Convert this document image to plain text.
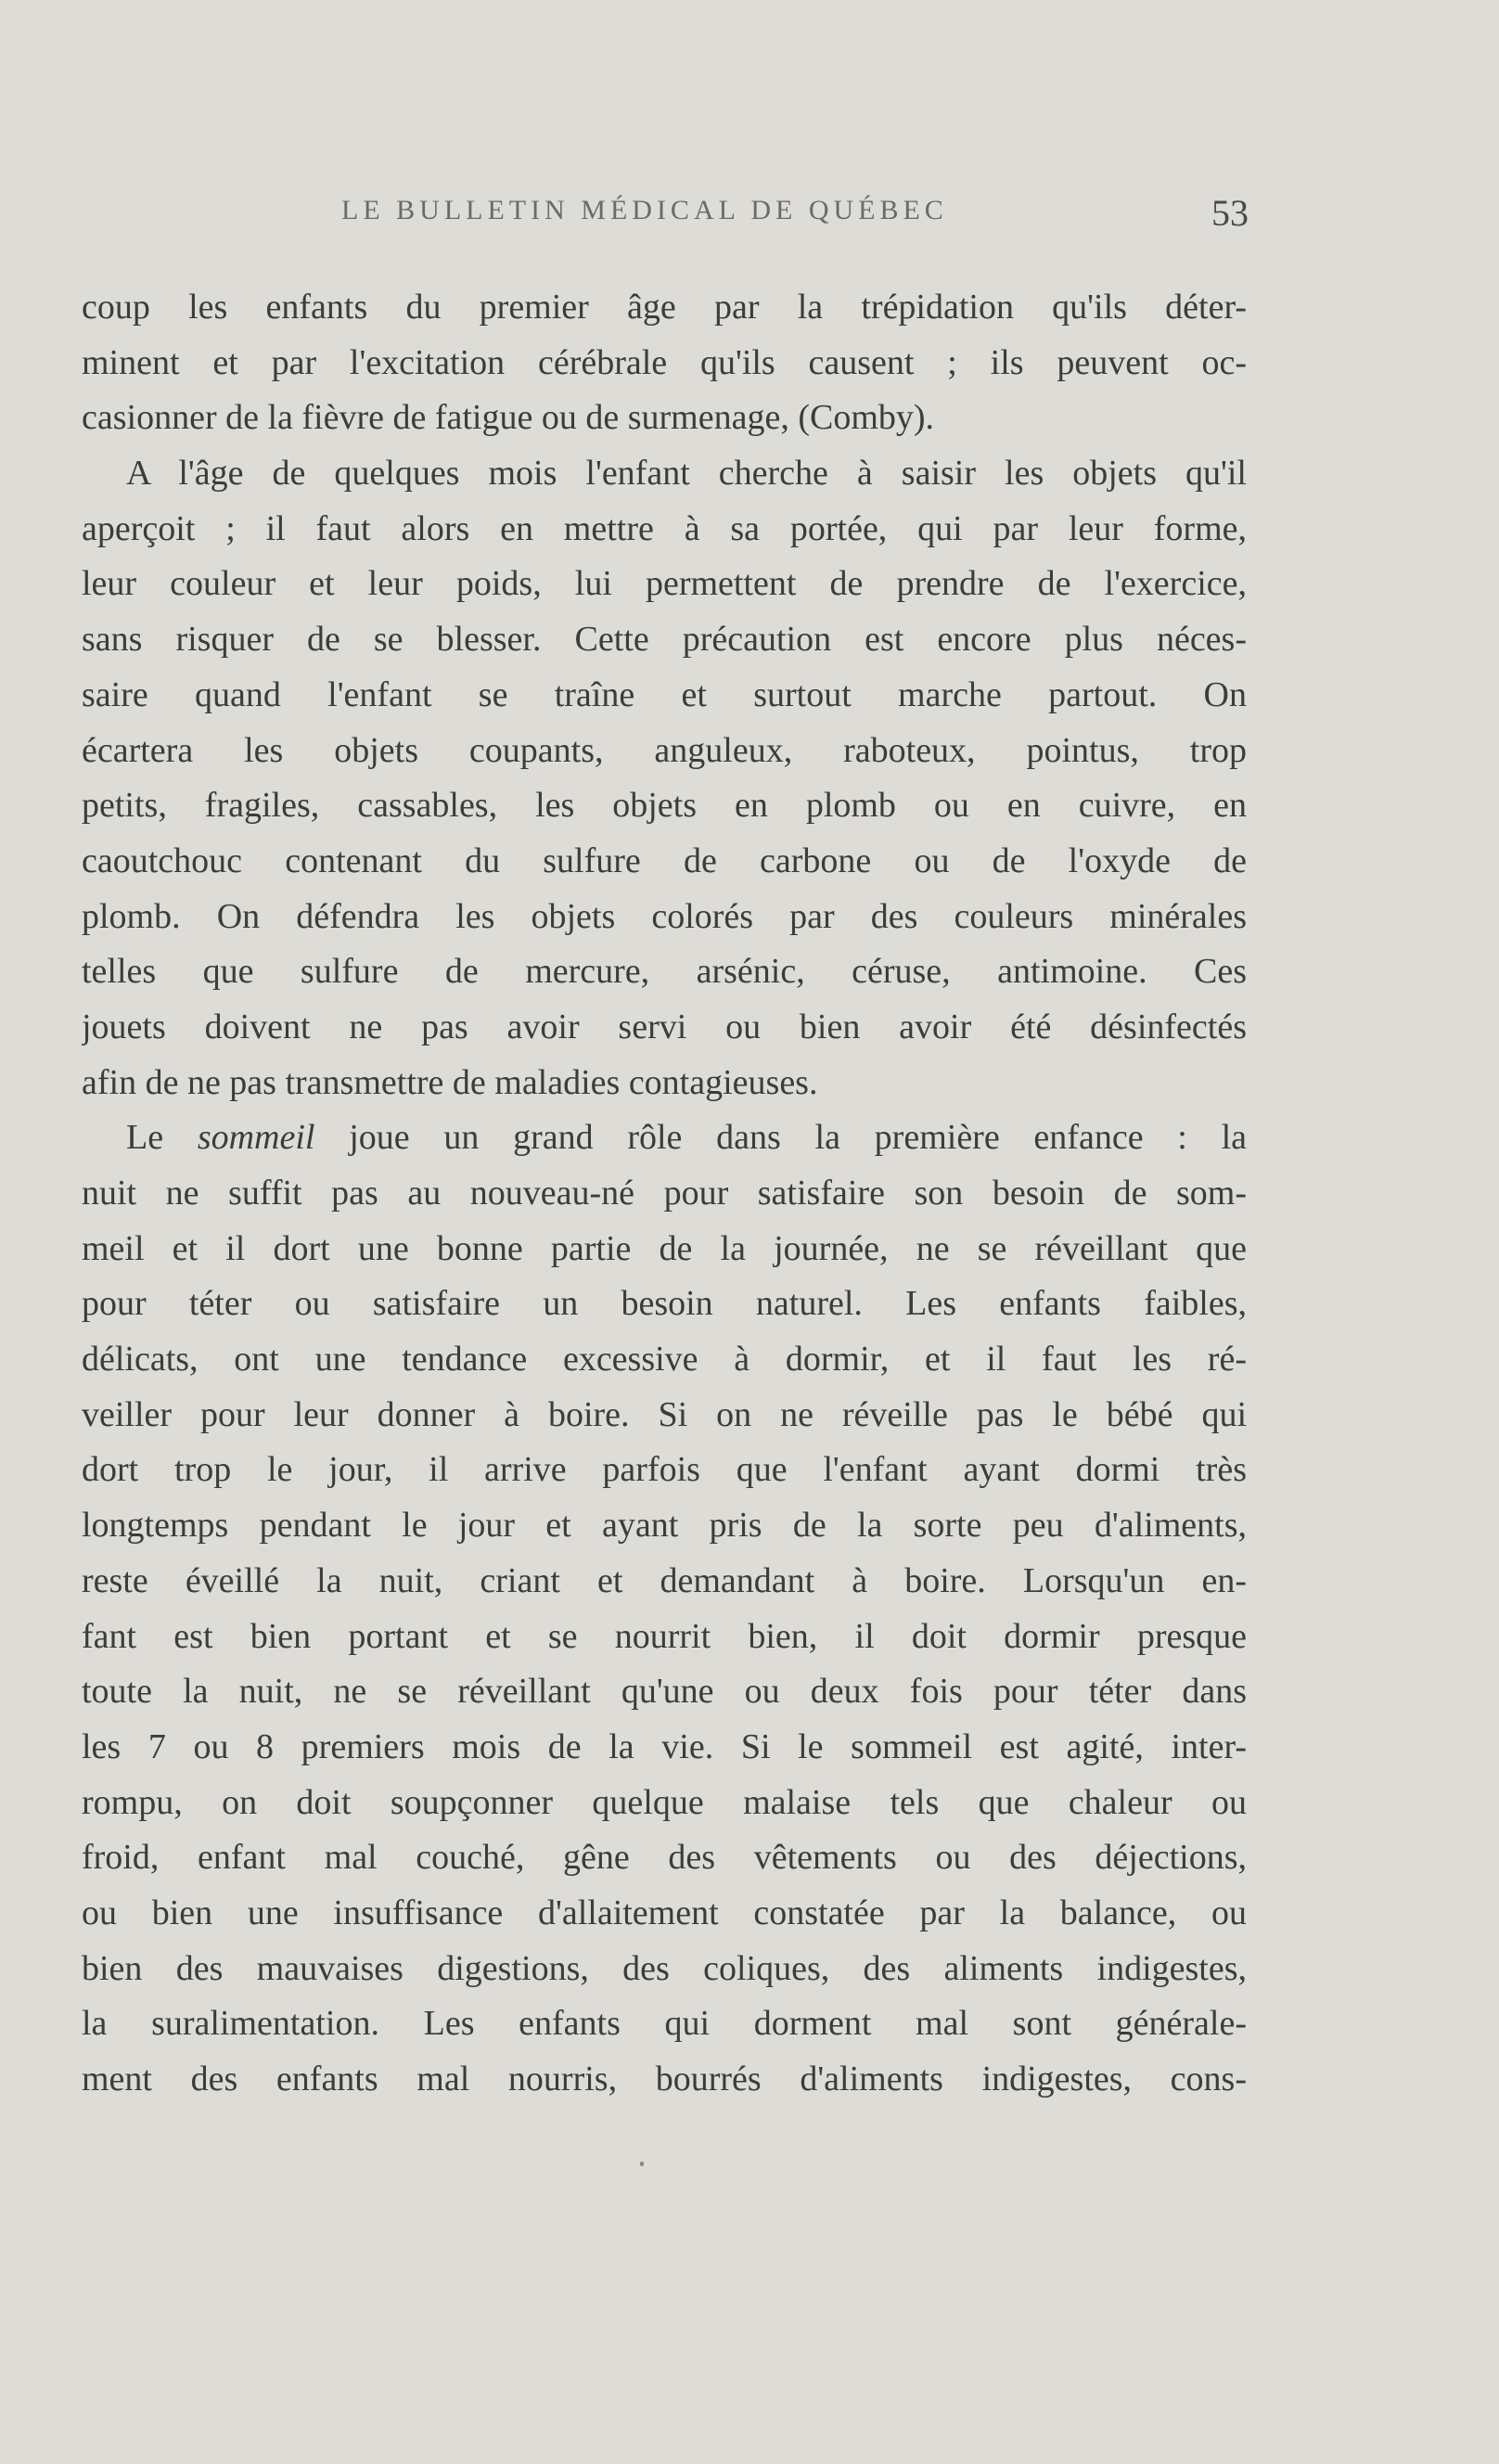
LE BULLETIN MÉDICAL DE QUÉBEC	53
coup les enfants du premier âge par la trépidation qu'ils déter-
minent et par l'excitation cérébrale qu'ils causent ; ils peuvent oc-
casionner de la fièvre de fatigue ou de surmenage, (Comby).
A l'âge de quelques mois l'enfant cherche à saisir les objets qu'il
aperçoit ; il faut alors en mettre à sa portée, qui par leur forme,
leur couleur et leur poids, lui permettent de prendre de l'exercice,
sans risquer de se blesser. Cette précaution est encore plus néces-
saire quand l'enfant se traîne et surtout marche partout. On
écartera les objets coupants, anguleux, raboteux, pointus, trop
petits, fragiles, cassables, les objets en plomb ou en cuivre, en
caoutchouc contenant du sulfure de carbone ou de l'oxyde de
plomb. On défendra les objets colorés par des couleurs minérales
telles que sulfure de mercure, arsénic, céruse, antimoine. Ces
jouets doivent ne pas avoir servi ou bien avoir été désinfectés
afin de ne pas transmettre de maladies contagieuses.
Le sommeil joue un grand rôle dans la première enfance : la
nuit ne suffit pas au nouveau-né pour satisfaire son besoin de som-
meil et il dort une bonne partie de la journée, ne se réveillant que
pour téter ou satisfaire un besoin naturel. Les enfants faibles,
délicats, ont une tendance excessive à dormir, et il faut les ré-
veiller pour leur donner à boire. Si on ne réveille pas le bébé qui
dort trop le jour, il arrive parfois que l'enfant ayant dormi très
longtemps pendant le jour et ayant pris de la sorte peu d'aliments,
reste éveillé la nuit, criant et demandant à boire. Lorsqu'un en-
fant est bien portant et se nourrit bien, il doit dormir presque
toute la nuit, ne se réveillant qu'une ou deux fois pour téter dans
les 7 ou 8 premiers mois de la vie. Si le sommeil est agité, inter-
rompu, on doit soupçonner quelque malaise tels que chaleur ou
froid, enfant mal couché, gêne des vêtements ou des déjections,
ou bien une insuffisance d'allaitement constatée par la balance, ou
bien des mauvaises digestions, des coliques, des aliments indigestes,
la suralimentation. Les enfants qui dorment mal sont générale-
ment des enfants mal nourris, bourrés d'aliments indigestes, cons-
